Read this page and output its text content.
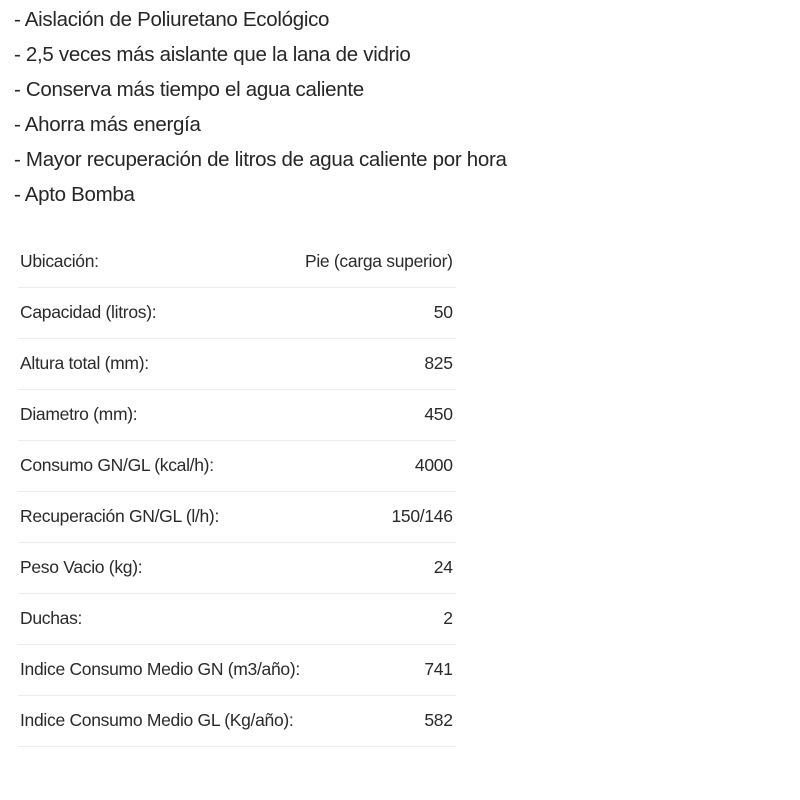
- Aislación de Poliuretano Ecológico
- 2,5 veces más aislante que la lana de vidrio
- Conserva más tiempo el agua caliente
- Ahorra más energía
- Mayor recuperación de litros de agua caliente por hora
- Apto Bomba
Ubicación:	Pie (carga superior)
Capacidad (litros):	50
Altura total (mm):	825
Diametro (mm):	450
Consumo GN/GL (kcal/h):	4000
Recuperación GN/GL (l/h):	150/146
Peso Vacio (kg):	24
Duchas:	2
Indice Consumo Medio GN (m3/año):	741
Indice Consumo Medio GL (Kg/año):	582
